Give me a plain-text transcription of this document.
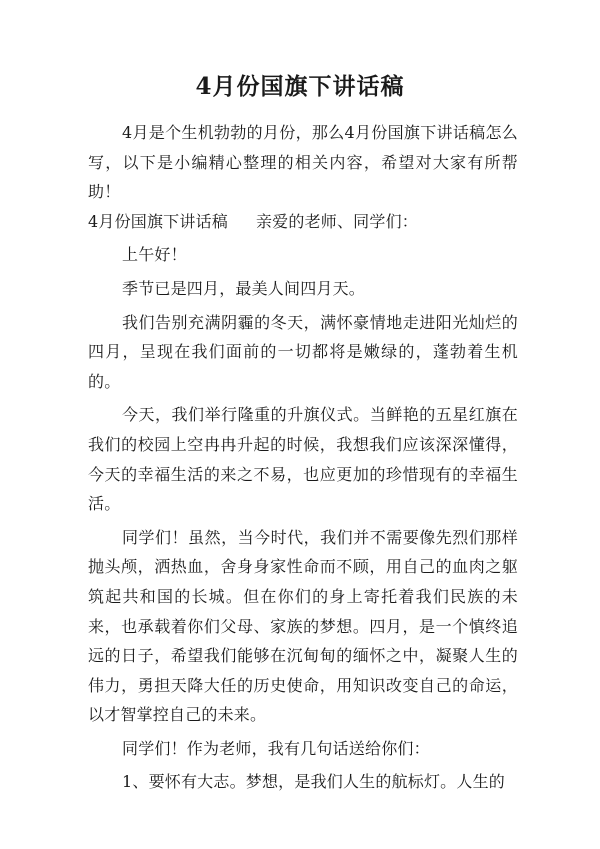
4月份国旗下讲话稿

4月是个生机勃勃的月份，那么4月份国旗下讲话稿怎么写，以下是小编精心整理的相关内容，希望对大家有所帮助！

4月份国旗下讲话稿 亲爱的老师、同学们：

上午好！

季节已是四月，最美人间四月天。

我们告别充满阴霾的冬天，满怀豪情地走进阳光灿烂的四月，呈现在我们面前的一切都将是嫩绿的，蓬勃着生机的。

今天，我们举行隆重的升旗仪式。当鲜艳的五星红旗在我们的校园上空冉冉升起的时候，我想我们应该深深懂得，今天的幸福生活的来之不易，也应更加的珍惜现有的幸福生活。

同学们！虽然，当今时代，我们并不需要像先烈们那样抛头颅，洒热血，舍身身家性命而不顾，用自己的血肉之躯筑起共和国的长城。但在你们的身上寄托着我们民族的未来，也承载着你们父母、家族的梦想。四月，是一个慎终追远的日子，希望我们能够在沉甸甸的缅怀之中，凝聚人生的伟力，勇担天降大任的历史使命，用知识改变自己的命运，以才智掌控自己的未来。

同学们！作为老师，我有几句话送给你们：

1、要怀有大志。梦想，是我们人生的航标灯。人生的
